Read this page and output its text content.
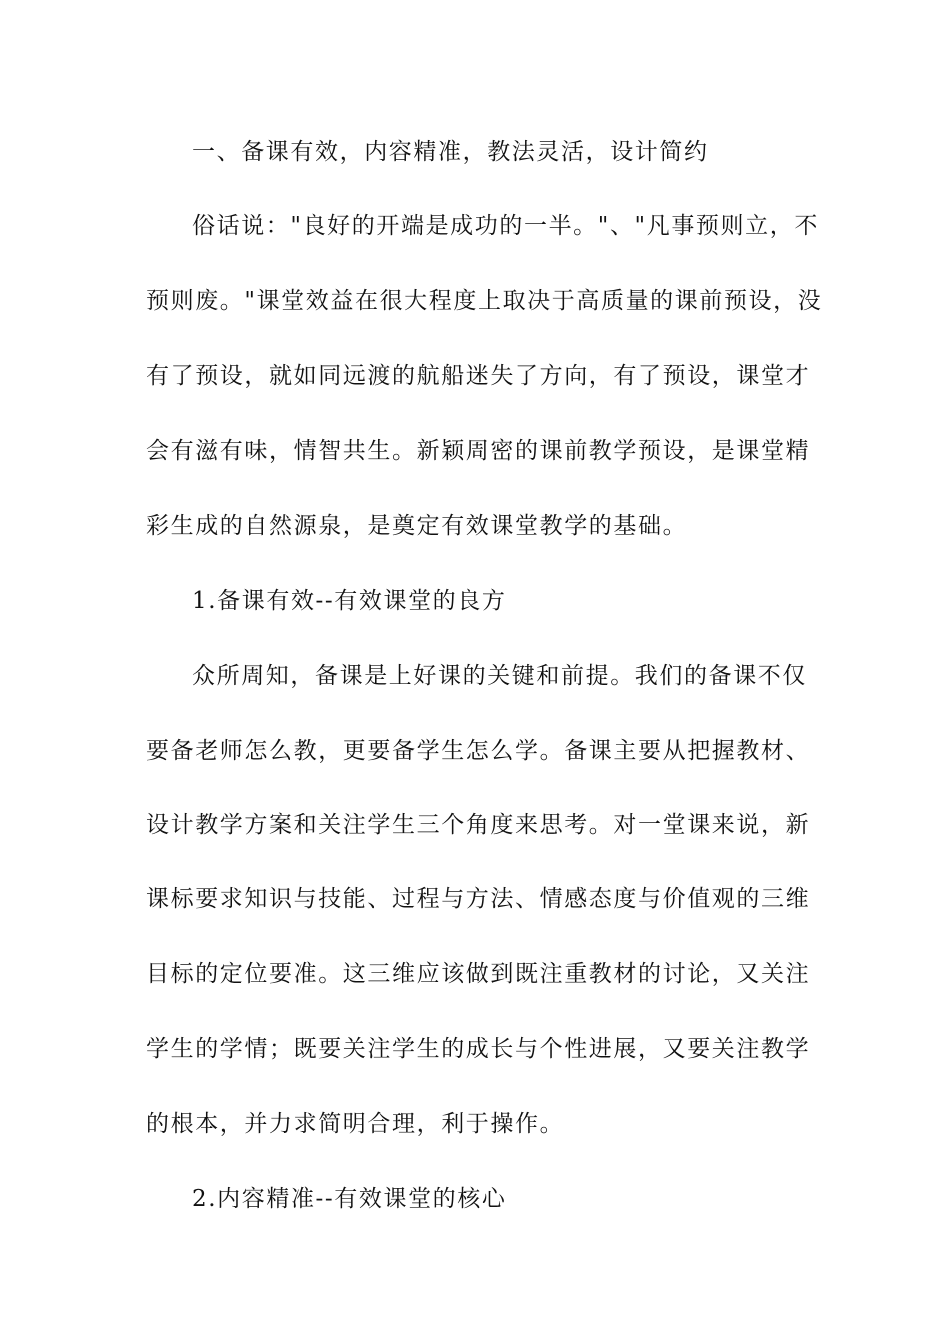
一、备课有效，内容精准，教法灵活，设计简约
俗话说："良好的开端是成功的一半。"、"凡事预则立，不
预则废。"课堂效益在很大程度上取决于高质量的课前预设，没
有了预设，就如同远渡的航船迷失了方向，有了预设，课堂才
会有滋有味，情智共生。新颖周密的课前教学预设，是课堂精
彩生成的自然源泉，是奠定有效课堂教学的基础。
1.备课有效--有效课堂的良方
众所周知，备课是上好课的关键和前提。我们的备课不仅
要备老师怎么教，更要备学生怎么学。备课主要从把握教材、
设计教学方案和关注学生三个角度来思考。对一堂课来说，新
课标要求知识与技能、过程与方法、情感态度与价值观的三维
目标的定位要准。这三维应该做到既注重教材的讨论，又关注
学生的学情；既要关注学生的成长与个性进展，又要关注教学
的根本，并力求简明合理，利于操作。
2.内容精准--有效课堂的核心
